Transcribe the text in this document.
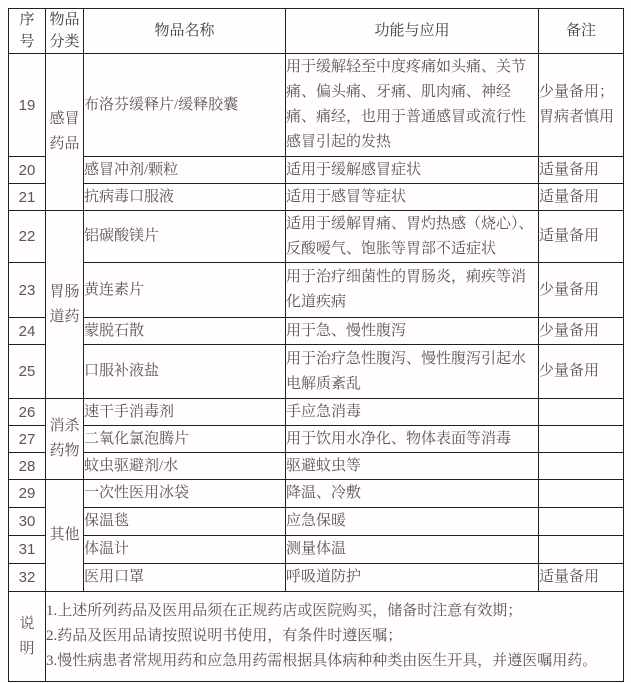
序号	物品分类	物品名称	功能与应用	备注
19	感冒药品	布洛芬缓释片/缓释胶囊	用于缓解轻至中度疼痛如头痛、关节痛、偏头痛、牙痛、肌肉痛、神经痛、痛经，也用于普通感冒或流行性感冒引起的发热	少量备用；胃病者慎用
20		感冒冲剂/颗粒	适用于缓解感冒症状	适量备用
21		抗病毒口服液	适用于感冒等症状	适量备用
22	胃肠道药	铝碳酸镁片	适用于缓解胃痛、胃灼热感（烧心）、反酸嗳气、饱胀等胃部不适症状	适量备用
23		黄连素片	用于治疗细菌性的胃肠炎，痢疾等消化道疾病	少量备用
24		蒙脱石散	用于急、慢性腹泻	少量备用
25		口服补液盐	用于治疗急性腹泻、慢性腹泻引起水电解质紊乱	少量备用
26	消杀药物	速干手消毒剂	手应急消毒	
27		二氧化氯泡腾片	用于饮用水净化、物体表面等消毒	
28		蚊虫驱避剂/水	驱避蚊虫等	
29	其他	一次性医用冰袋	降温、冷敷	
30		保温毯	应急保暖	
31		体温计	测量体温	
32		医用口罩	呼吸道防护	适量备用

说明	1.上述所列药品及医用品须在正规药店或医院购买，储备时注意有效期；
2.药品及医用品请按照说明书使用，有条件时遵医嘱；
3.慢性病患者常规用药和应急用药需根据具体病种种类由医生开具，并遵医嘱用药。			
